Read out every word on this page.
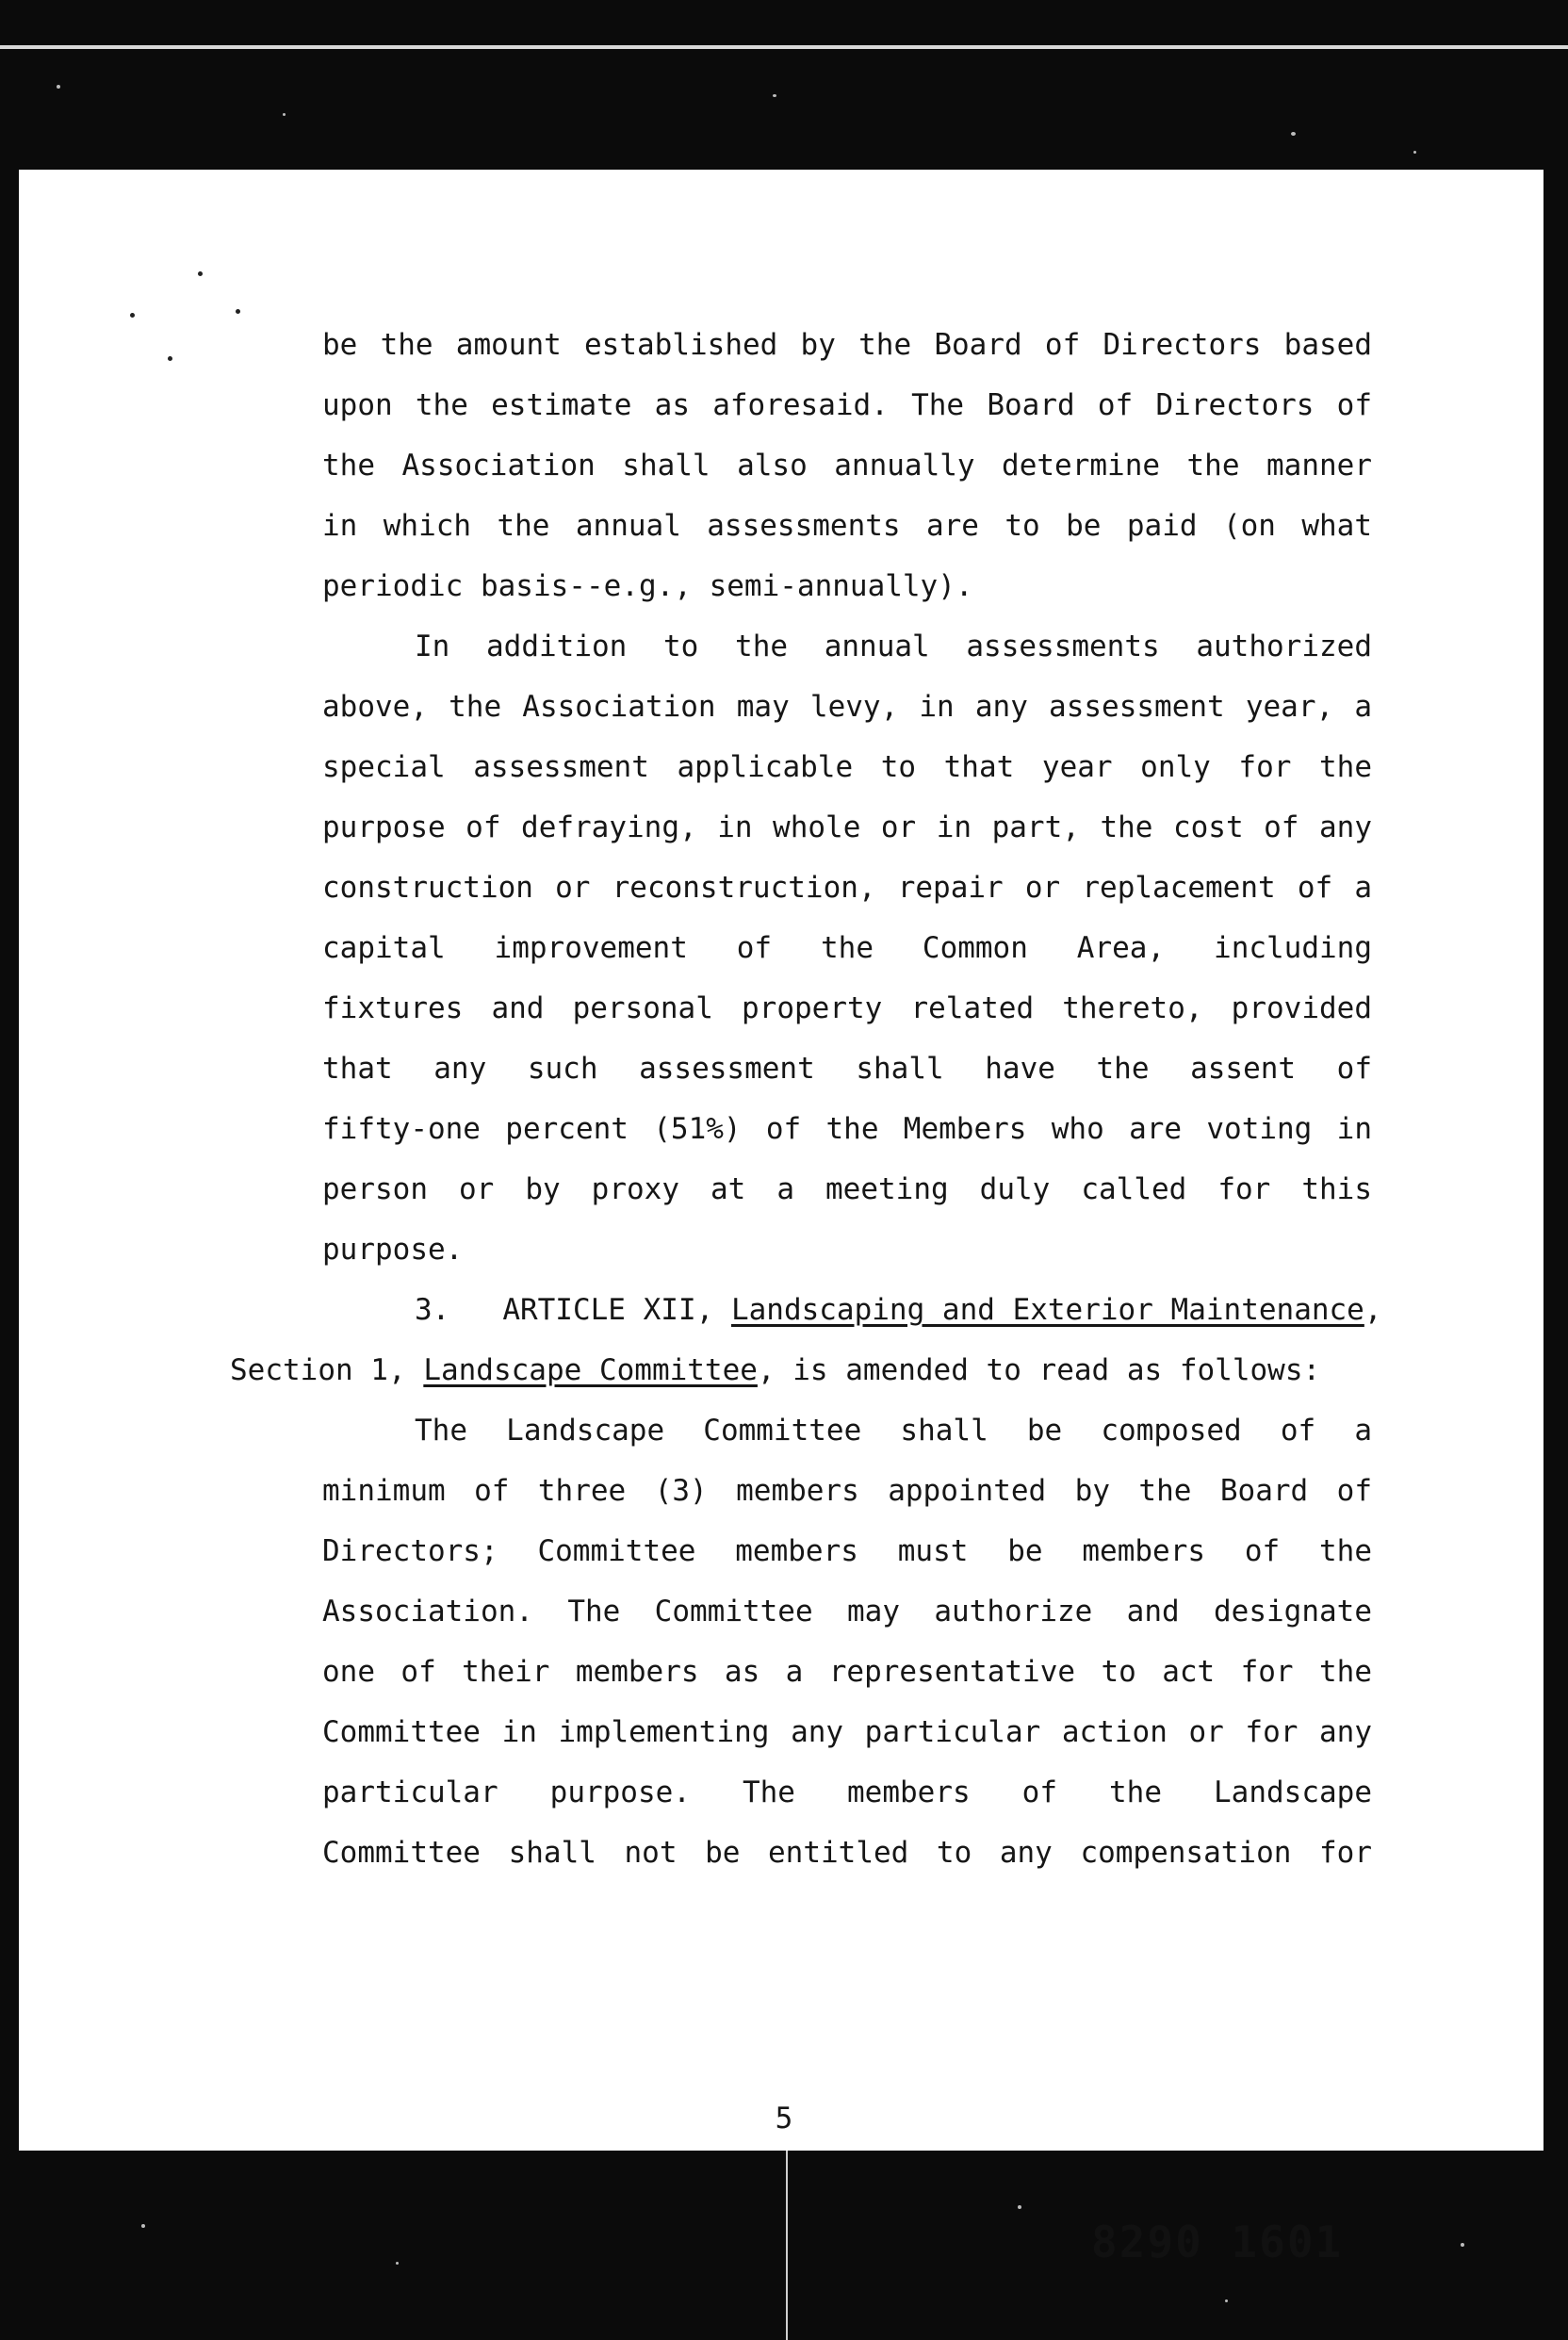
be the amount established by the Board of Directors based
upon the estimate as aforesaid. The Board of Directors of
the Association shall also annually determine the manner
in which the annual assessments are to be paid (on what
periodic basis--e.g., semi-annually).
In addition to the annual assessments authorized
above, the Association may levy, in any assessment year, a
special assessment applicable to that year only for the
purpose of defraying, in whole or in part, the cost of any
construction or reconstruction, repair or replacement of a
capital improvement of the Common Area, including
fixtures and personal property related thereto, provided
that any such assessment shall have the assent of
fifty-one percent (51%) of the Members who are voting in
person or by proxy at a meeting duly called for this
purpose.
3.   ARTICLE XII, Landscaping and Exterior Maintenance,
Section 1, Landscape Committee, is amended to read as follows:
The Landscape Committee shall be composed of a
minimum of three (3) members appointed by the Board of
Directors; Committee members must be members of the
Association. The Committee may authorize and designate
one of their members as a representative to act for the
Committee in implementing any particular action or for any
particular purpose. The members of the Landscape
Committee shall not be entitled to any compensation for
5
8290 1601
